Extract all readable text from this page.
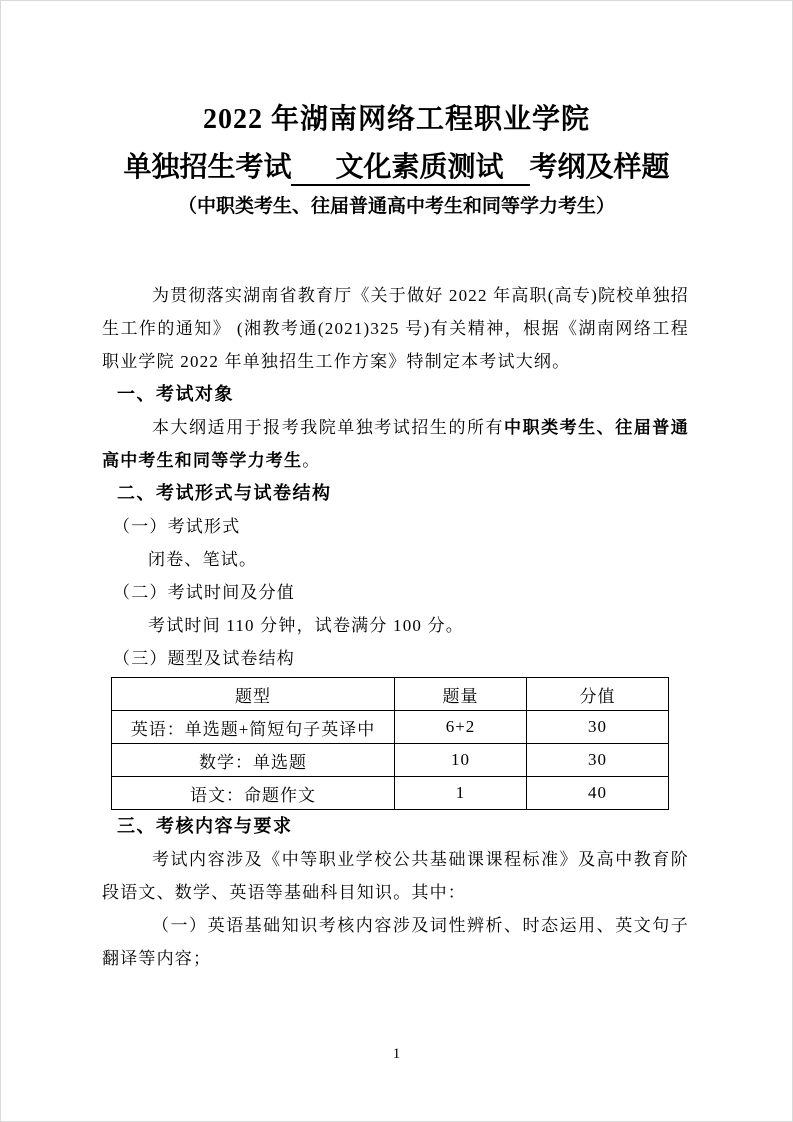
2022 年湖南网络工程职业学院
单独招生考试 文化素质测试 考纲及样题
（中职类考生、往届普通高中考生和同等学力考生）

为贯彻落实湖南省教育厅《关于做好 2022 年高职(高专)院校单独招生工作的通知》 (湘教考通(2021)325 号)有关精神，根据《湖南网络工程职业学院 2022 年单独招生工作方案》特制定本考试大纲。

一、考试对象

本大纲适用于报考我院单独考试招生的所有中职类考生、往届普通高中考生和同等学力考生。

二、考试形式与试卷结构

（一）考试形式

闭卷、笔试。

（二）考试时间及分值

考试时间 110 分钟，试卷满分 100 分。

（三）题型及试卷结构

题型	题量	分值
英语：单选题+简短句子英译中	6+2	30
数学：单选题	10	30
语文：命题作文	1	40
三、考核内容与要求

考试内容涉及《中等职业学校公共基础课课程标准》及高中教育阶段语文、数学、英语等基础科目知识。其中：

（一）英语基础知识考核内容涉及词性辨析、时态运用、英文句子翻译等内容；

1
